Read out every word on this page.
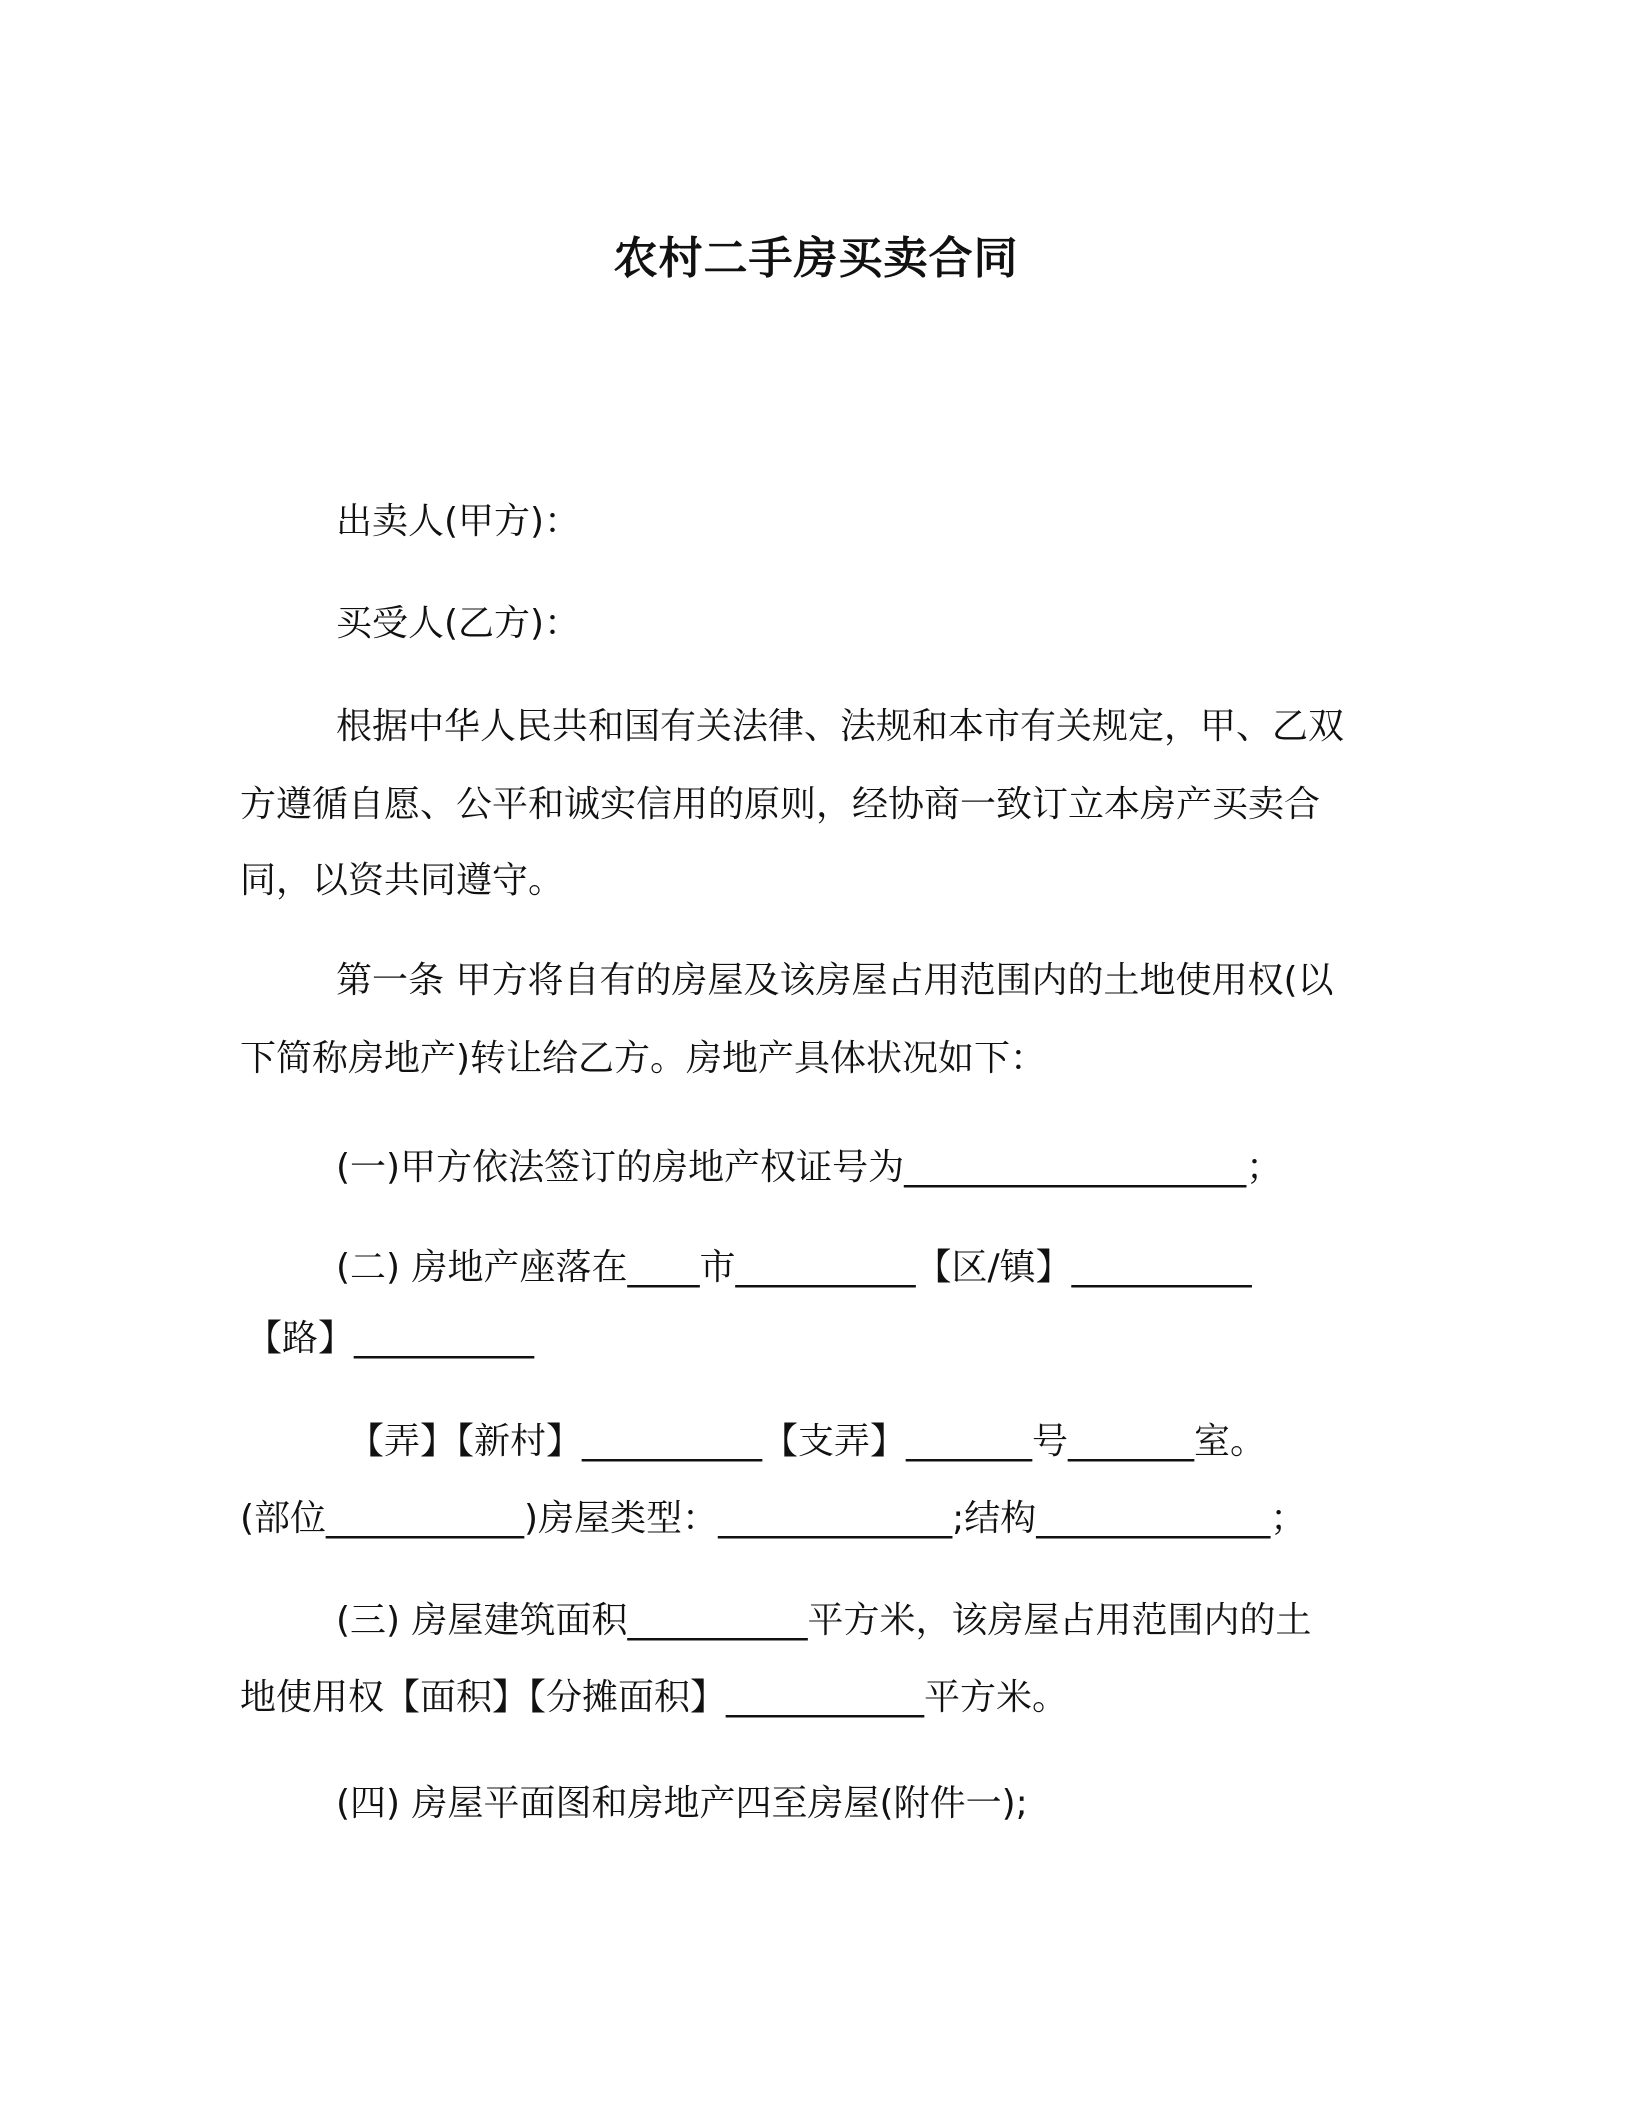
农村二手房买卖合同
出卖人(甲方)：
买受人(乙方)：
根据中华人民共和国有关法律、法规和本市有关规定，甲、乙双
方遵循自愿、公平和诚实信用的原则，经协商一致订立本房产买卖合
同，以资共同遵守。
第一条 甲方将自有的房屋及该房屋占用范围内的土地使用权(以
下简称房地产)转让给乙方。房地产具体状况如下：
(一)甲方依法签订的房地产权证号为___________________；
(二) 房地产座落在____市__________【区/镇】__________
【路】__________
【弄】【新村】__________【支弄】_______号_______室。
(部位___________)房屋类型：_____________;结构_____________；
(三) 房屋建筑面积__________平方米，该房屋占用范围内的土
地使用权【面积】【分摊面积】___________平方米。
(四) 房屋平面图和房地产四至房屋(附件一);
